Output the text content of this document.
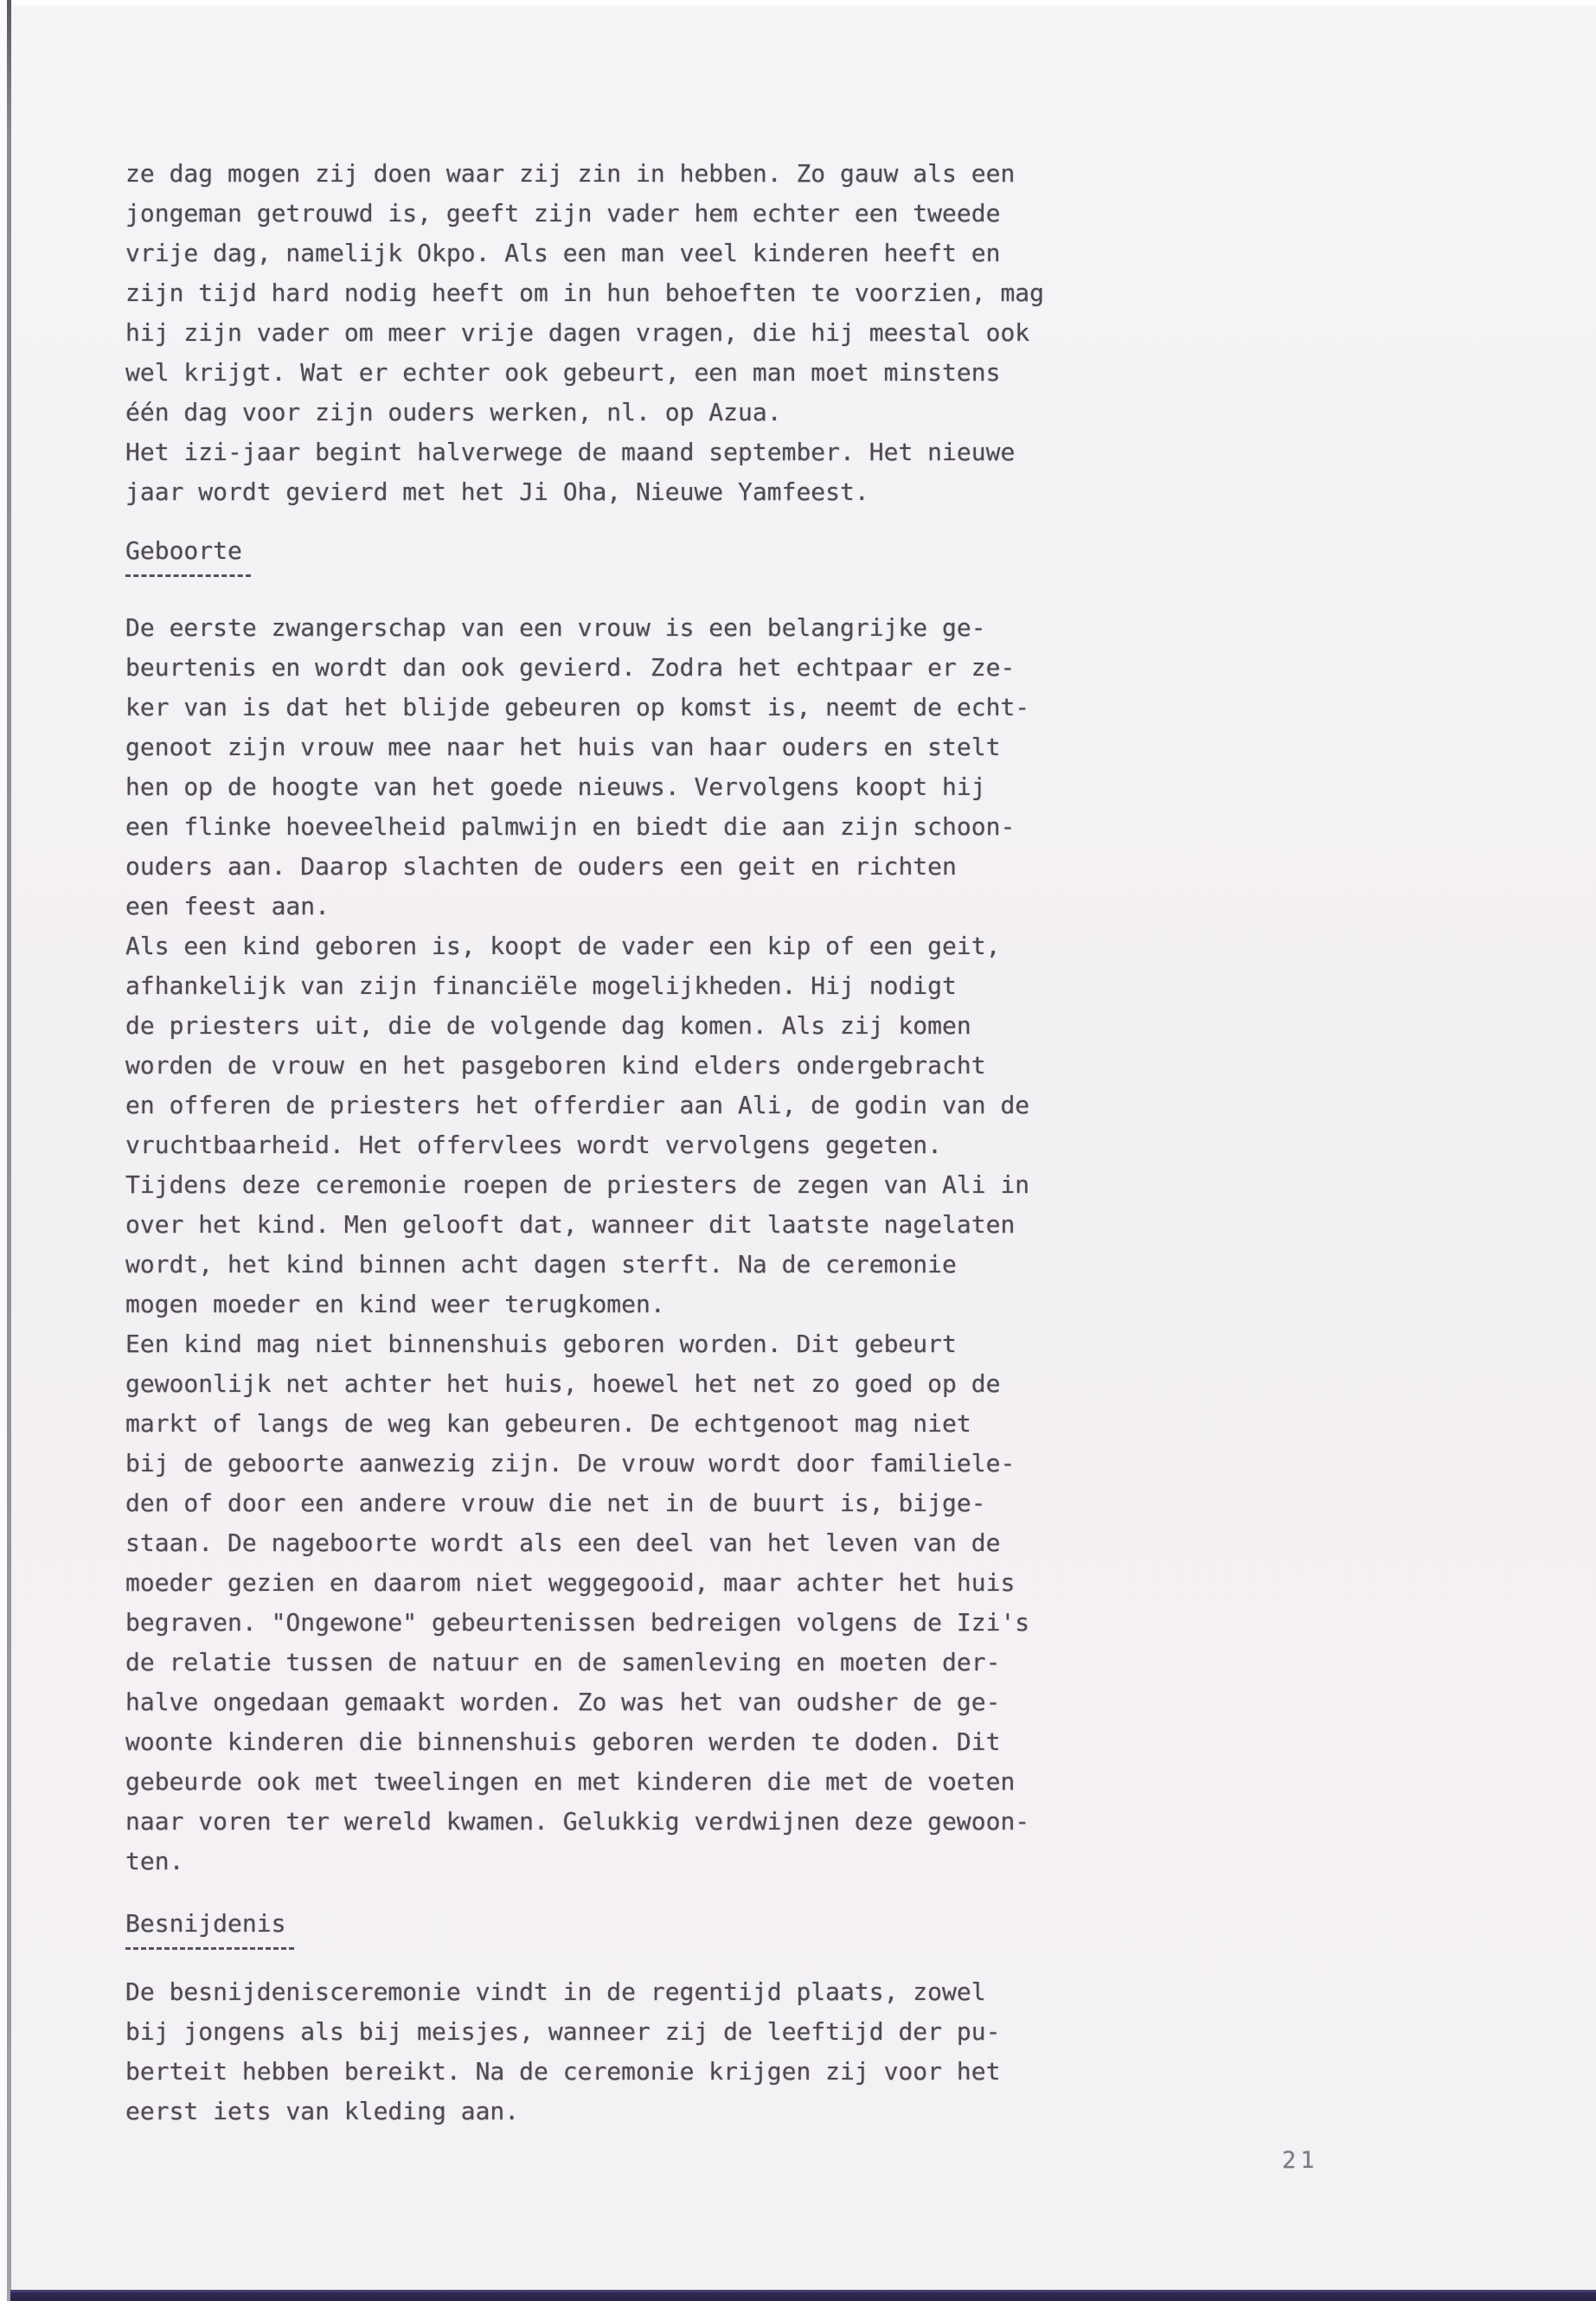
ze dag mogen zij doen waar zij zin in hebben. Zo gauw als een
jongeman getrouwd is, geeft zijn vader hem echter een tweede
vrije dag, namelijk Okpo. Als een man veel kinderen heeft en
zijn tijd hard nodig heeft om in hun behoeften te voorzien, mag
hij zijn vader om meer vrije dagen vragen, die hij meestal ook
wel krijgt. Wat er echter ook gebeurt, een man moet minstens
één dag voor zijn ouders werken, nl. op Azua.
Het izi-jaar begint halverwege de maand september. Het nieuwe
jaar wordt gevierd met het Ji Oha, Nieuwe Yamfeest.
Geboorte
De eerste zwangerschap van een vrouw is een belangrijke ge-
beurtenis en wordt dan ook gevierd. Zodra het echtpaar er ze-
ker van is dat het blijde gebeuren op komst is, neemt de echt-
genoot zijn vrouw mee naar het huis van haar ouders en stelt
hen op de hoogte van het goede nieuws. Vervolgens koopt hij
een flinke hoeveelheid palmwijn en biedt die aan zijn schoon-
ouders aan. Daarop slachten de ouders een geit en richten
een feest aan.
Als een kind geboren is, koopt de vader een kip of een geit,
afhankelijk van zijn financiële mogelijkheden. Hij nodigt
de priesters uit, die de volgende dag komen. Als zij komen
worden de vrouw en het pasgeboren kind elders ondergebracht
en offeren de priesters het offerdier aan Ali, de godin van de
vruchtbaarheid. Het offervlees wordt vervolgens gegeten.
Tijdens deze ceremonie roepen de priesters de zegen van Ali in
over het kind. Men gelooft dat, wanneer dit laatste nagelaten
wordt, het kind binnen acht dagen sterft. Na de ceremonie
mogen moeder en kind weer terugkomen.
Een kind mag niet binnenshuis geboren worden. Dit gebeurt
gewoonlijk net achter het huis, hoewel het net zo goed op de
markt of langs de weg kan gebeuren. De echtgenoot mag niet
bij de geboorte aanwezig zijn. De vrouw wordt door familiele-
den of door een andere vrouw die net in de buurt is, bijge-
staan. De nageboorte wordt als een deel van het leven van de
moeder gezien en daarom niet weggegooid, maar achter het huis
begraven. "Ongewone" gebeurtenissen bedreigen volgens de Izi's
de relatie tussen de natuur en de samenleving en moeten der-
halve ongedaan gemaakt worden. Zo was het van oudsher de ge-
woonte kinderen die binnenshuis geboren werden te doden. Dit
gebeurde ook met tweelingen en met kinderen die met de voeten
naar voren ter wereld kwamen. Gelukkig verdwijnen deze gewoon-
ten.
Besnijdenis
De besnijdenisceremonie vindt in de regentijd plaats, zowel
bij jongens als bij meisjes, wanneer zij de leeftijd der pu-
berteit hebben bereikt. Na de ceremonie krijgen zij voor het
eerst iets van kleding aan.
21
